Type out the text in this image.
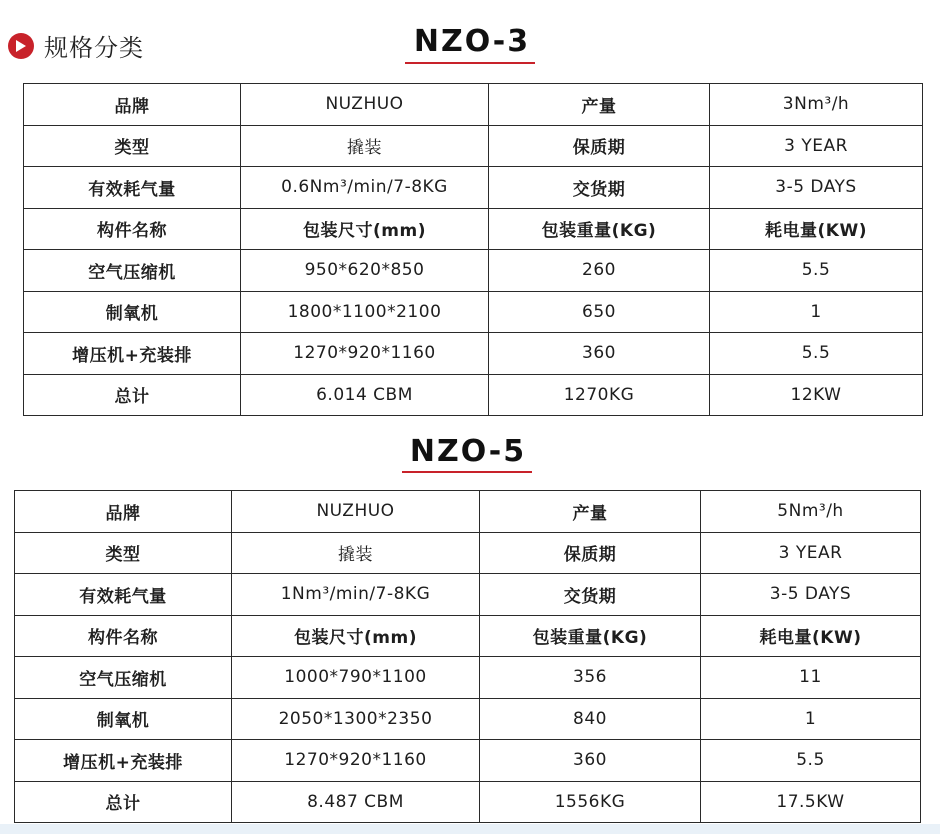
规格分类	NZO-3
品牌	NUZHUO	产量	3Nm³/h
类型	撬装	保质期	3 YEAR
有效耗气量	0.6Nm³/min/7-8KG	交货期	3-5 DAYS
构件名称	包装尺寸(mm)	包装重量(KG)	耗电量(KW)
空气压缩机	950*620*850	260	5.5
制氧机	1800*1100*2100	650	1
增压机+充装排	1270*920*1160	360	5.5
总计	6.014 CBM	1270KG	12KW
NZO-5
品牌	NUZHUO	产量	5Nm³/h
类型	撬装	保质期	3 YEAR
有效耗气量	1Nm³/min/7-8KG	交货期	3-5 DAYS
构件名称	包装尺寸(mm)	包装重量(KG)	耗电量(KW)
空气压缩机	1000*790*1100	356	11
制氧机	2050*1300*2350	840	1
增压机+充装排	1270*920*1160	360	5.5
总计	8.487 CBM	1556KG	17.5KW
